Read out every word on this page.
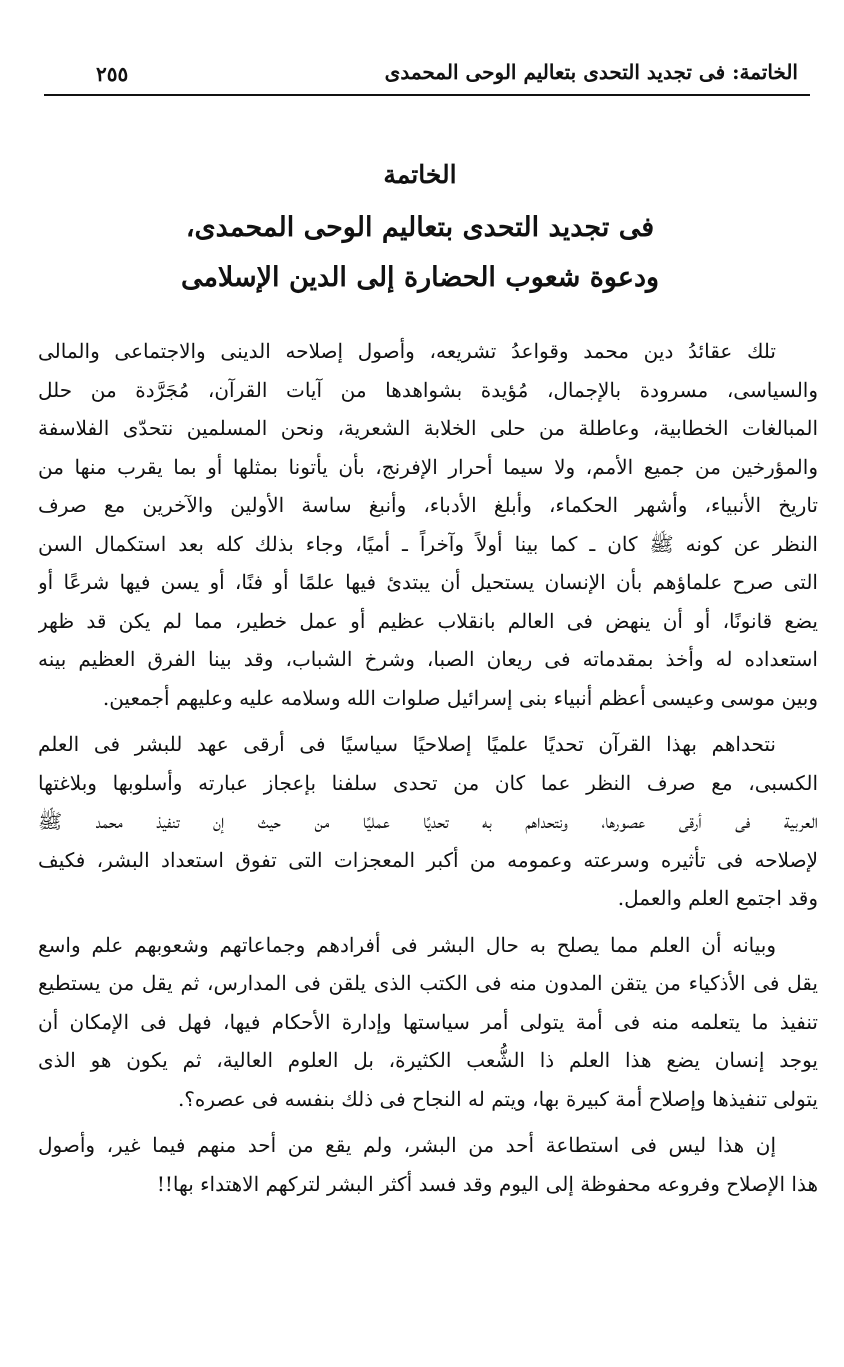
الخاتمة: فى تجديد التحدى بتعاليم الوحى المحمدى
٢٥٥
الخاتمة
فى تجديد التحدى بتعاليم الوحى المحمدى،
ودعوة شعوب الحضارة إلى الدين الإسلامى
تلك عقائدُ دين محمد وقواعدُ تشريعه، وأصول إصلاحه الدينى والاجتماعى والمالى
والسياسى، مسرودة بالإجمال، مُؤيدة بشواهدها من آيات القرآن، مُجَرَّدة من حلل
المبالغات الخطابية، وعاطلة من حلى الخلابة الشعرية، ونحن المسلمين نتحدّى الفلاسفة
والمؤرخين من جميع الأمم، ولا سيما أحرار الإفرنج، بأن يأتونا بمثلها أو بما يقرب منها من
تاريخ الأنبياء، وأشهر الحكماء، وأبلغ الأدباء، وأنبغ ساسة الأولين والآخرين مع صرف
النظر عن كونه ﷺ كان ـ كما بينا أولاً وآخراً ـ أميًا، وجاء بذلك كله بعد استكمال السن
التى صرح علماؤهم بأن الإنسان يستحيل أن يبتدئ فيها علمًا أو فنًا، أو يسن فيها شرعًا أو
يضع قانونًا، أو أن ينهض فى العالم بانقلاب عظيم أو عمل خطير، مما لم يكن قد ظهر
استعداده له وأخذ بمقدماته فى ريعان الصبا، وشرخ الشباب، وقد بينا الفرق العظيم بينه
وبين موسى وعيسى أعظم أنبياء بنى إسرائيل صلوات الله وسلامه عليه وعليهم أجمعين.
نتحداهم بهذا القرآن تحديًا علميًا إصلاحيًا سياسيًا فى أرقى عهد للبشر فى العلم
الكسبى، مع صرف النظر عما كان من تحدى سلفنا بإعجاز عبارته وأسلوبها وبلاغتها
العربية فى أرقى عصورها، ونتحداهم به تحديًا عمليًا من حيث إن تنفيذ محمد ﷺ
لإصلاحه فى تأثيره وسرعته وعمومه من أكبر المعجزات التى تفوق استعداد البشر، فكيف
وقد اجتمع العلم والعمل.
وبيانه أن العلم مما يصلح به حال البشر فى أفرادهم وجماعاتهم وشعوبهم علم واسع
يقل فى الأذكياء من يتقن المدون منه فى الكتب الذى يلقن فى المدارس، ثم يقل من يستطيع
تنفيذ ما يتعلمه منه فى أمة يتولى أمر سياستها وإدارة الأحكام فيها، فهل فى الإمكان أن
يوجد إنسان يضع هذا العلم ذا الشُّعب الكثيرة، بل العلوم العالية، ثم يكون هو الذى
يتولى تنفيذها وإصلاح أمة كبيرة بها، ويتم له النجاح فى ذلك بنفسه فى عصره؟.
إن هذا ليس فى استطاعة أحد من البشر، ولم يقع من أحد منهم فيما غير، وأصول
هذا الإصلاح وفروعه محفوظة إلى اليوم وقد فسد أكثر البشر لتركهم الاهتداء بها!!
